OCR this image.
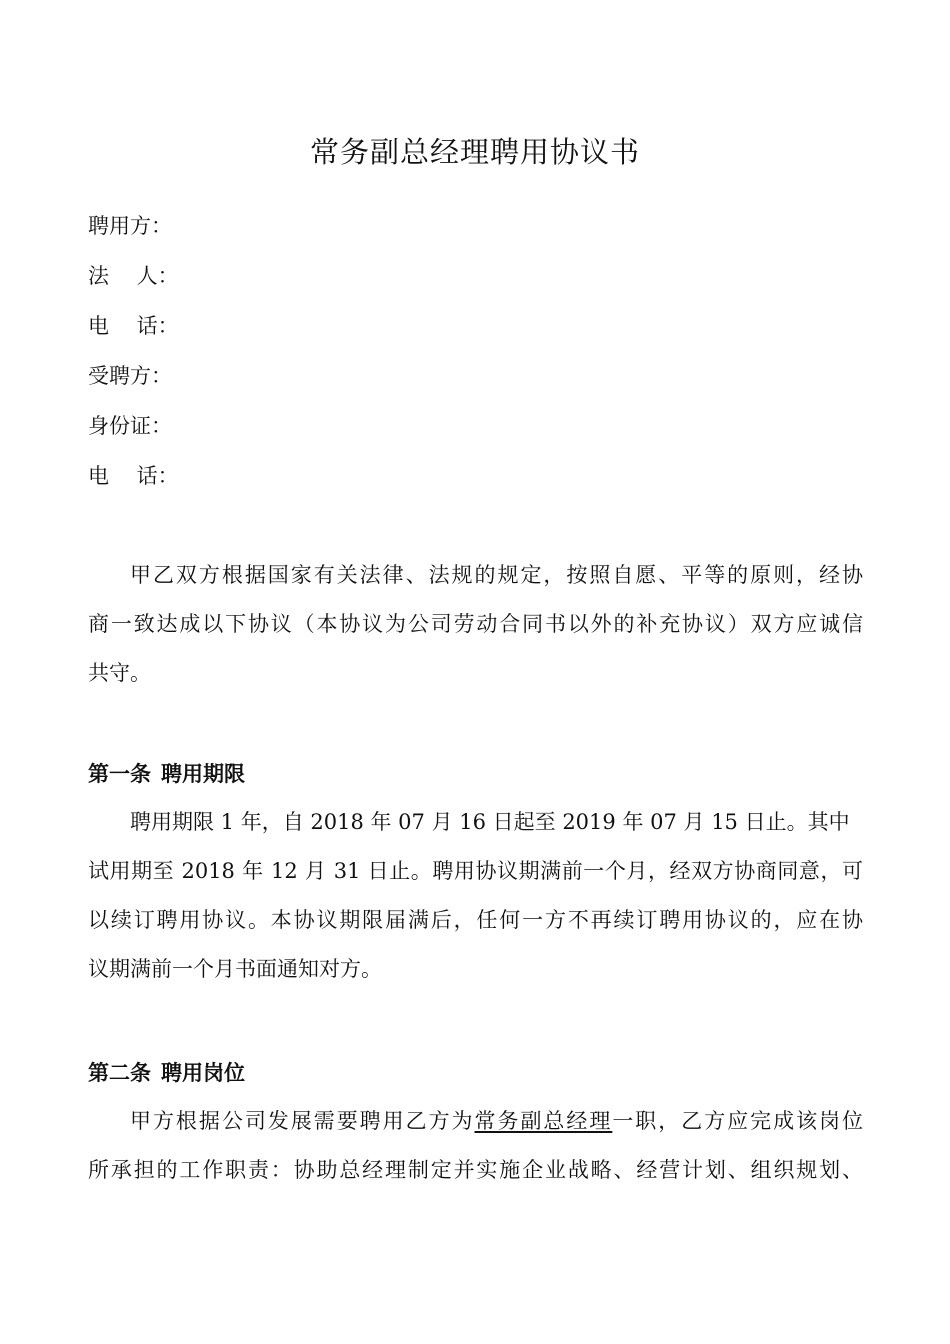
常务副总经理聘用协议书
聘用方：
法　 人：
电　 话：
受聘方：
身份证：
电　 话：
甲乙双方根据国家有关法律、法规的规定，按照自愿、平等的原则，经协
商一致达成以下协议（本协议为公司劳动合同书以外的补充协议）双方应诚信
共守。
第一条 聘用期限
聘用期限 1 年，自 2018 年 07 月 16 日起至 2019 年 07 月 15 日止。其中
试用期至 2018 年 12 月 31 日止。聘用协议期满前一个月，经双方协商同意，可
以续订聘用协议。本协议期限届满后，任何一方不再续订聘用协议的，应在协
议期满前一个月书面通知对方。
第二条 聘用岗位
甲方根据公司发展需要聘用乙方为常务副总经理一职，乙方应完成该岗位
所承担的工作职责：协助总经理制定并实施企业战略、经营计划、组织规划、
